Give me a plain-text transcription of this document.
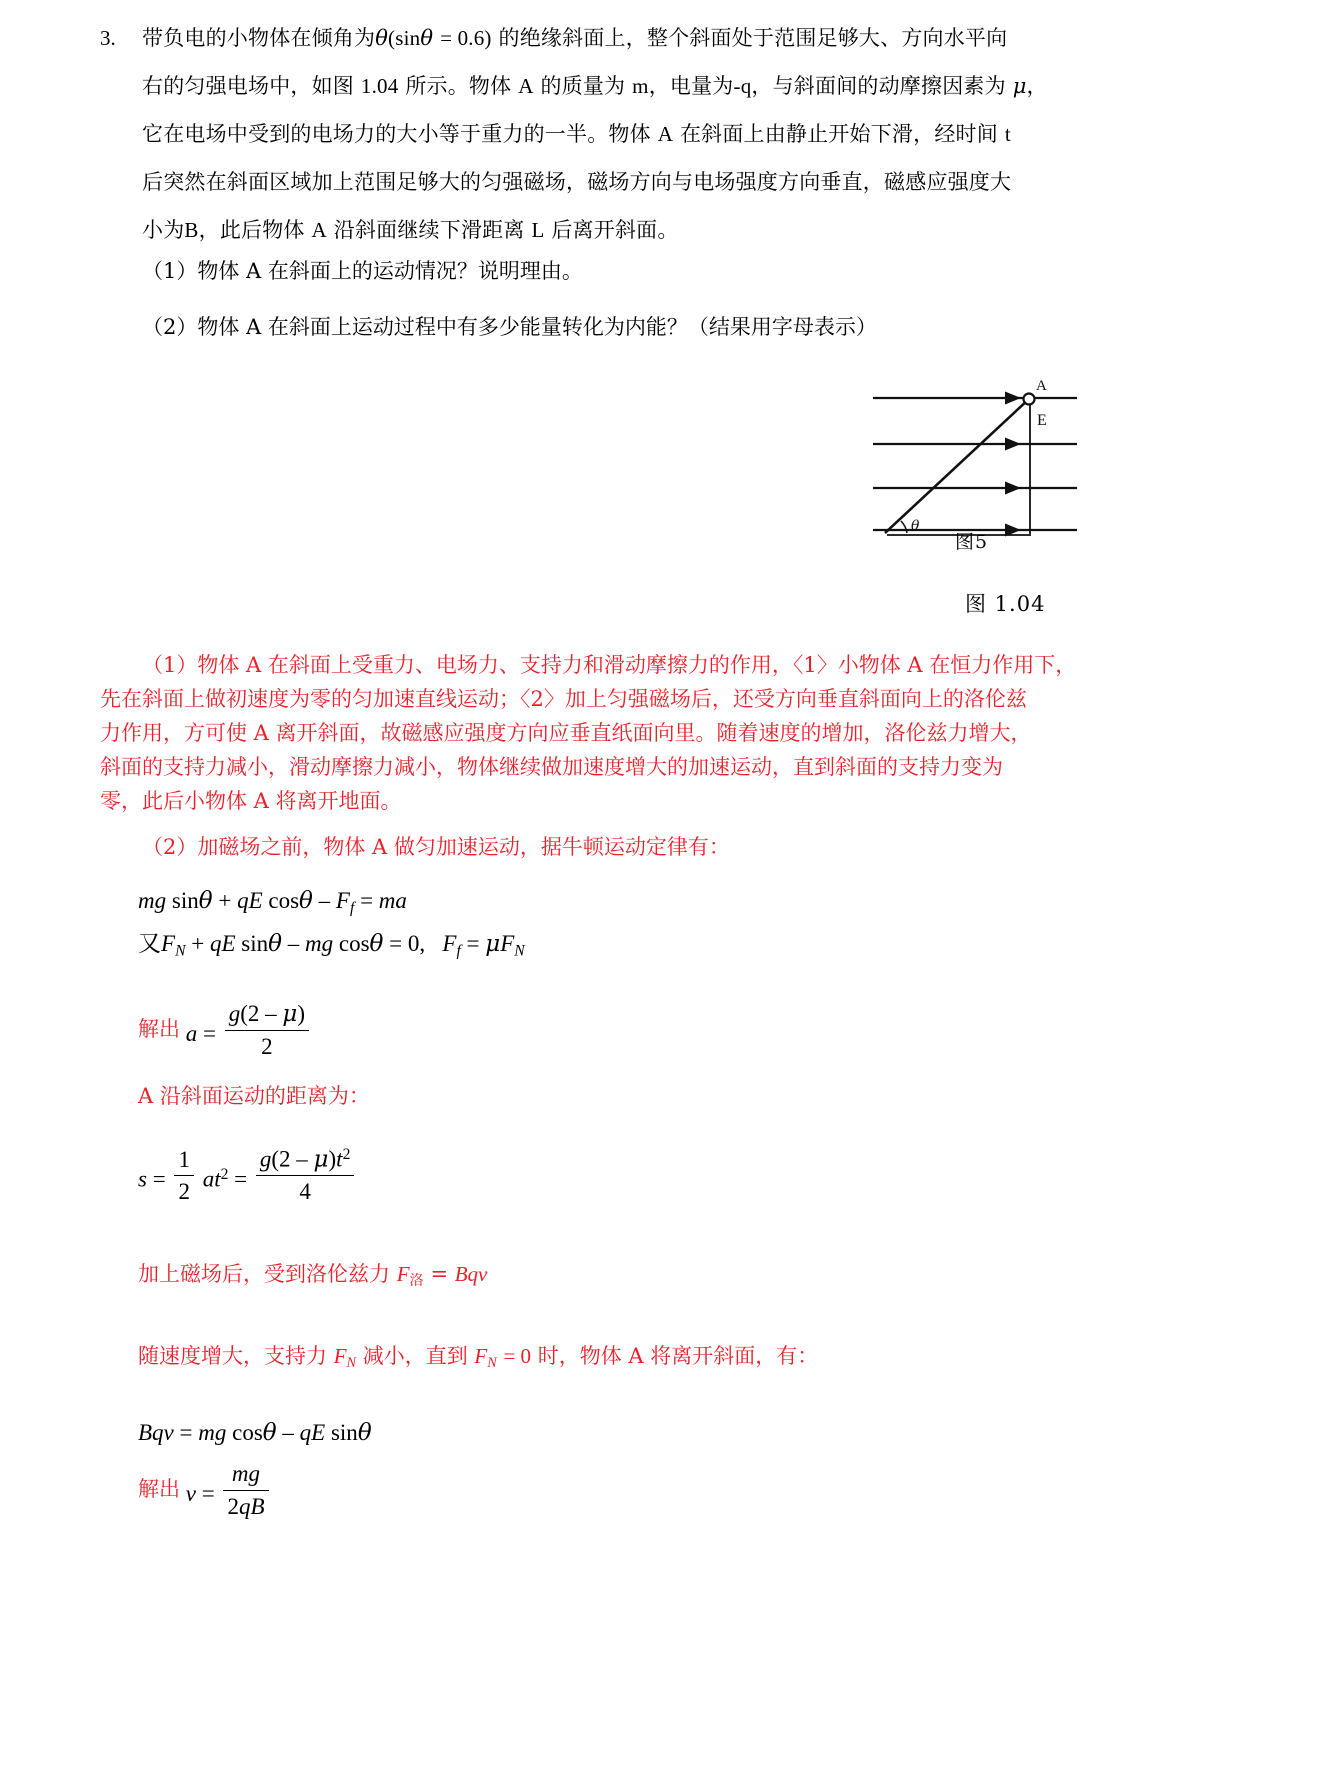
3.	带负电的小物体在倾角为θ(sinθ = 0.6) 的绝缘斜面上，整个斜面处于范围足够大、方向水平向
右的匀强电场中，如图 1.04 所示。物体 A 的质量为 m，电量为-q，与斜面间的动摩擦因素为 μ，
它在电场中受到的电场力的大小等于重力的一半。物体 A 在斜面上由静止开始下滑，经时间 t
后突然在斜面区域加上范围足够大的匀强磁场，磁场方向与电场强度方向垂直，磁感应强度大
小为B，此后物体 A 沿斜面继续下滑距离 L 后离开斜面。
（1）物体 A 在斜面上的运动情况？说明理由。
（2）物体 A 在斜面上运动过程中有多少能量转化为内能？（结果用字母表示）
A
E
θ
图5
图 1.04
（1）物体 A 在斜面上受重力、电场力、支持力和滑动摩擦力的作用，〈1〉小物体 A 在恒力作用下，
先在斜面上做初速度为零的匀加速直线运动；〈2〉加上匀强磁场后，还受方向垂直斜面向上的洛伦兹
力作用，方可使 A 离开斜面，故磁感应强度方向应垂直纸面向里。随着速度的增加，洛伦兹力增大，
斜面的支持力减小，滑动摩擦力减小，物体继续做加速度增大的加速运动，直到斜面的支持力变为
零，此后小物体 A 将离开地面。
（2）加磁场之前，物体 A 做匀加速运动，据牛顿运动定律有：
mg sinθ + qE cosθ – $F_f$ = ma
又$F_N$ + qE sinθ – mg cosθ = 0,   $F_f = \mu F_N$
解出 $a = \frac{g(2 - \mu)}{2}$
A 沿斜面运动的距离为：
$s = \frac{1}{2} at^2 = \frac{g(2 - \mu)t^2}{4}$
加上磁场后，受到洛伦兹力 $F_洛$ = Bqv
随速度增大，支持力 $F_N$ 减小，直到 $F_N = 0$ 时，物体 A 将离开斜面，有：
Bqv = mg cosθ – qE sinθ
解出 $v = \frac{mg}{2qB}$
